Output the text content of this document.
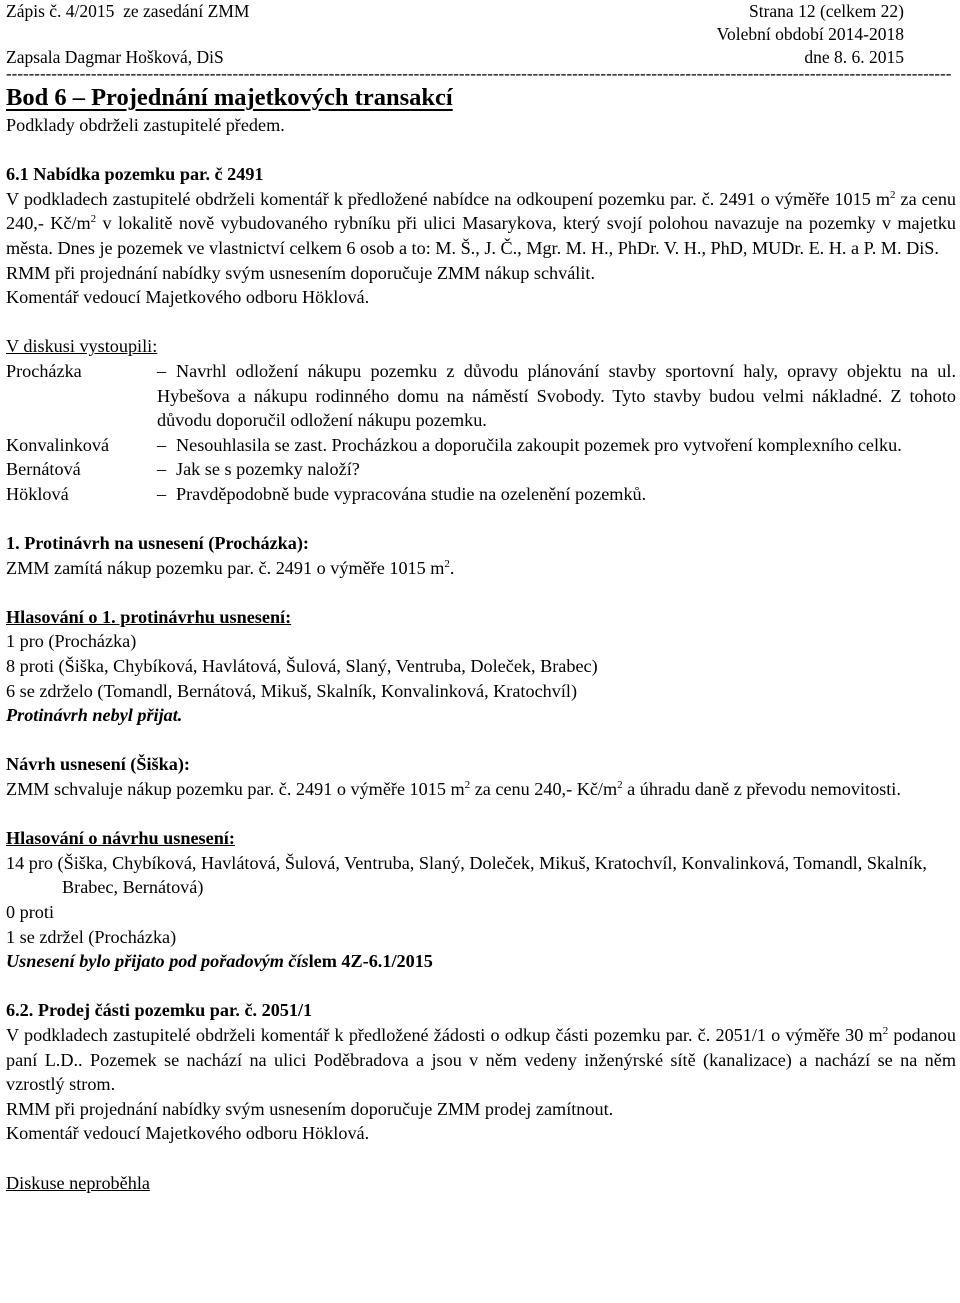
Zápis č. 4/2015  ze zasedání ZMM	Strana 12 (celkem 22)
Volební období 2014-2018
Zapsala Dagmar Hošková, DiS	dne 8. 6. 2015
-----------------------------------------------------------------------------------------------------------------------------------------------------------------------
Bod 6 – Projednání majetkových transakcí

Podklady obdrželi zastupitelé předem.

6.1 Nabídka pozemku par. č 2491

V podkladech zastupitelé obdrželi komentář k předložené nabídce na odkoupení pozemku par. č. 2491 o výměře 1015 $m^2$ za cenu 240,- $Kč/m^2$ v lokalitě nově vybudovaného rybníku při ulici Masarykova, který svojí polohou navazuje na pozemky v majetku města. Dnes je pozemek ve vlastnictví celkem 6 osob a to: M. Š., J. Č., Mgr. M. H., PhDr. V. H., PhD, MUDr. E. H. a P. M. DiS.

RMM při projednání nabídky svým usnesením doporučuje ZMM nákup schválit.

Komentář vedoucí Majetkového odboru Höklová.

V diskusi vystoupili:

Procházka	– Navrhl odložení nákupu pozemku z důvodu plánování stavby sportovní haly, opravy objektu na ul. Hybešova a nákupu rodinného domu na náměstí Svobody. Tyto stavby budou velmi nákladné. Z tohoto důvodu doporučil odložení nákupu pozemku.
Konvalinková	– Nesouhlasila se zast. Procházkou a doporučila zakoupit pozemek pro vytvoření komplexního celku.
Bernátová	– Jak se s pozemky naloží?
Höklová	– Pravděpodobně bude vypracována studie na ozelenění pozemků.

1. Protinávrh na usnesení (Procházka):

ZMM zamítá nákup pozemku par. č. 2491 o výměře 1015 $m^2$.

Hlasování o 1. protinávrhu usnesení:

1 pro (Procházka)

8 proti (Šiška, Chybíková, Havlátová, Šulová, Slaný, Ventruba, Doleček, Brabec)

6 se zdrželo (Tomandl, Bernátová, Mikuš, Skalník, Konvalinková, Kratochvíl)

Protinávrh nebyl přijat.

Návrh usnesení (Šiška):

ZMM schvaluje nákup pozemku par. č. 2491 o výměře 1015 $m^2$ za cenu 240,- $Kč/m^2$ a úhradu daně z převodu nemovitosti.

Hlasování o návrhu usnesení:

14 pro (Šiška, Chybíková, Havlátová, Šulová, Ventruba, Slaný, Doleček, Mikuš, Kratochvíl, Konvalinková, Tomandl, Skalník, Brabec, Bernátová)

0 proti

1 se zdržel (Procházka)

Usnesení bylo přijato pod pořadovým číslem 4Z-6.1/2015

6.2. Prodej části pozemku par. č. 2051/1

V podkladech zastupitelé obdrželi komentář k předložené žádosti o odkup části pozemku par. č. 2051/1 o výměře 30 $m^2$ podanou paní L.D.. Pozemek se nachází na ulici Poděbradova a jsou v něm vedeny inženýrské sítě (kanalizace) a nachází se na něm vzrostlý strom.

RMM při projednání nabídky svým usnesením doporučuje ZMM prodej zamítnout.

Komentář vedoucí Majetkového odboru Höklová.

Diskuse neproběhla
